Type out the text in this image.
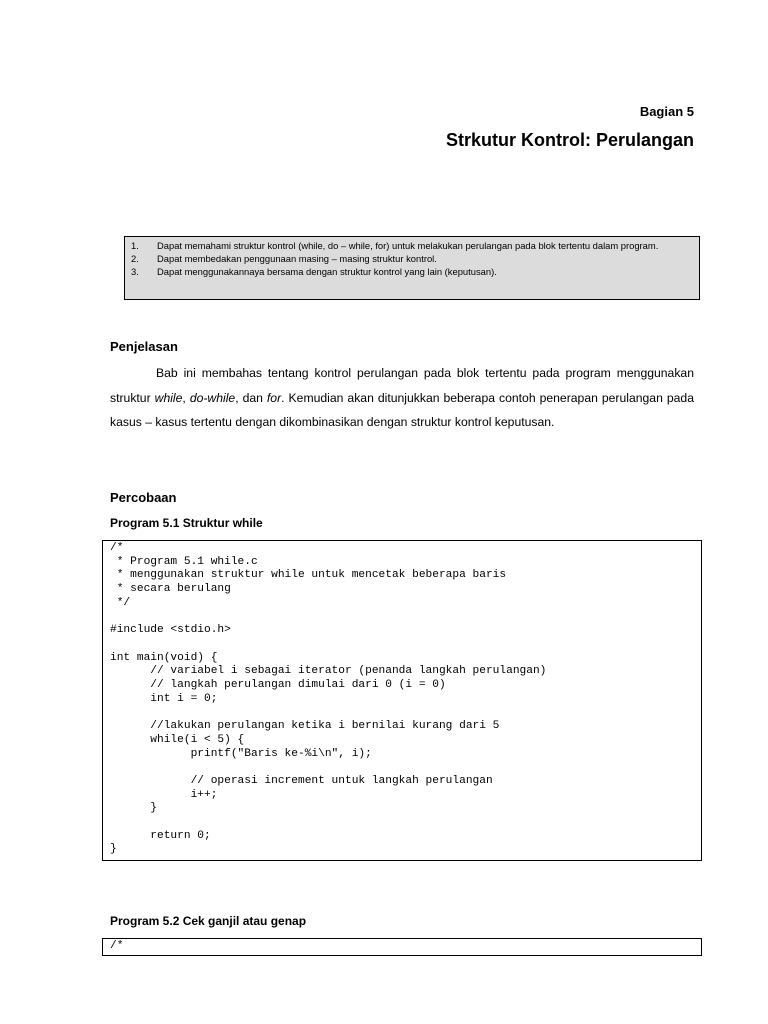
Bagian 5
Strkutur Kontrol: Perulangan
1.	Dapat memahami struktur kontrol (while, do – while, for) untuk melakukan perulangan pada blok tertentu dalam program.
2.	Dapat membedakan penggunaan masing – masing struktur kontrol.
3.	Dapat menggunakannaya bersama dengan struktur kontrol yang lain (keputusan).
Penjelasan

Bab ini membahas tentang kontrol perulangan pada blok tertentu pada program menggunakan struktur while, do-while, dan for. Kemudian akan ditunjukkan beberapa contoh penerapan perulangan pada kasus – kasus tertentu dengan dikombinasikan dengan struktur kontrol keputusan.

Percobaan
Program 5.1 Struktur while
/*
* Program 5.1 while.c
* menggunakan struktur while untuk mencetak beberapa baris
* secara berulang
*/

#include <stdio.h>

int main(void) {
// variabel i sebagai iterator (penanda langkah perulangan)
// langkah perulangan dimulai dari 0 (i = 0)
int i = 0;

//lakukan perulangan ketika i bernilai kurang dari 5
while(i < 5) {
printf("Baris ke-%i\n", i);

// operasi increment untuk langkah perulangan
i++;
}

return 0;
}
Program 5.2 Cek ganjil atau genap
/*
